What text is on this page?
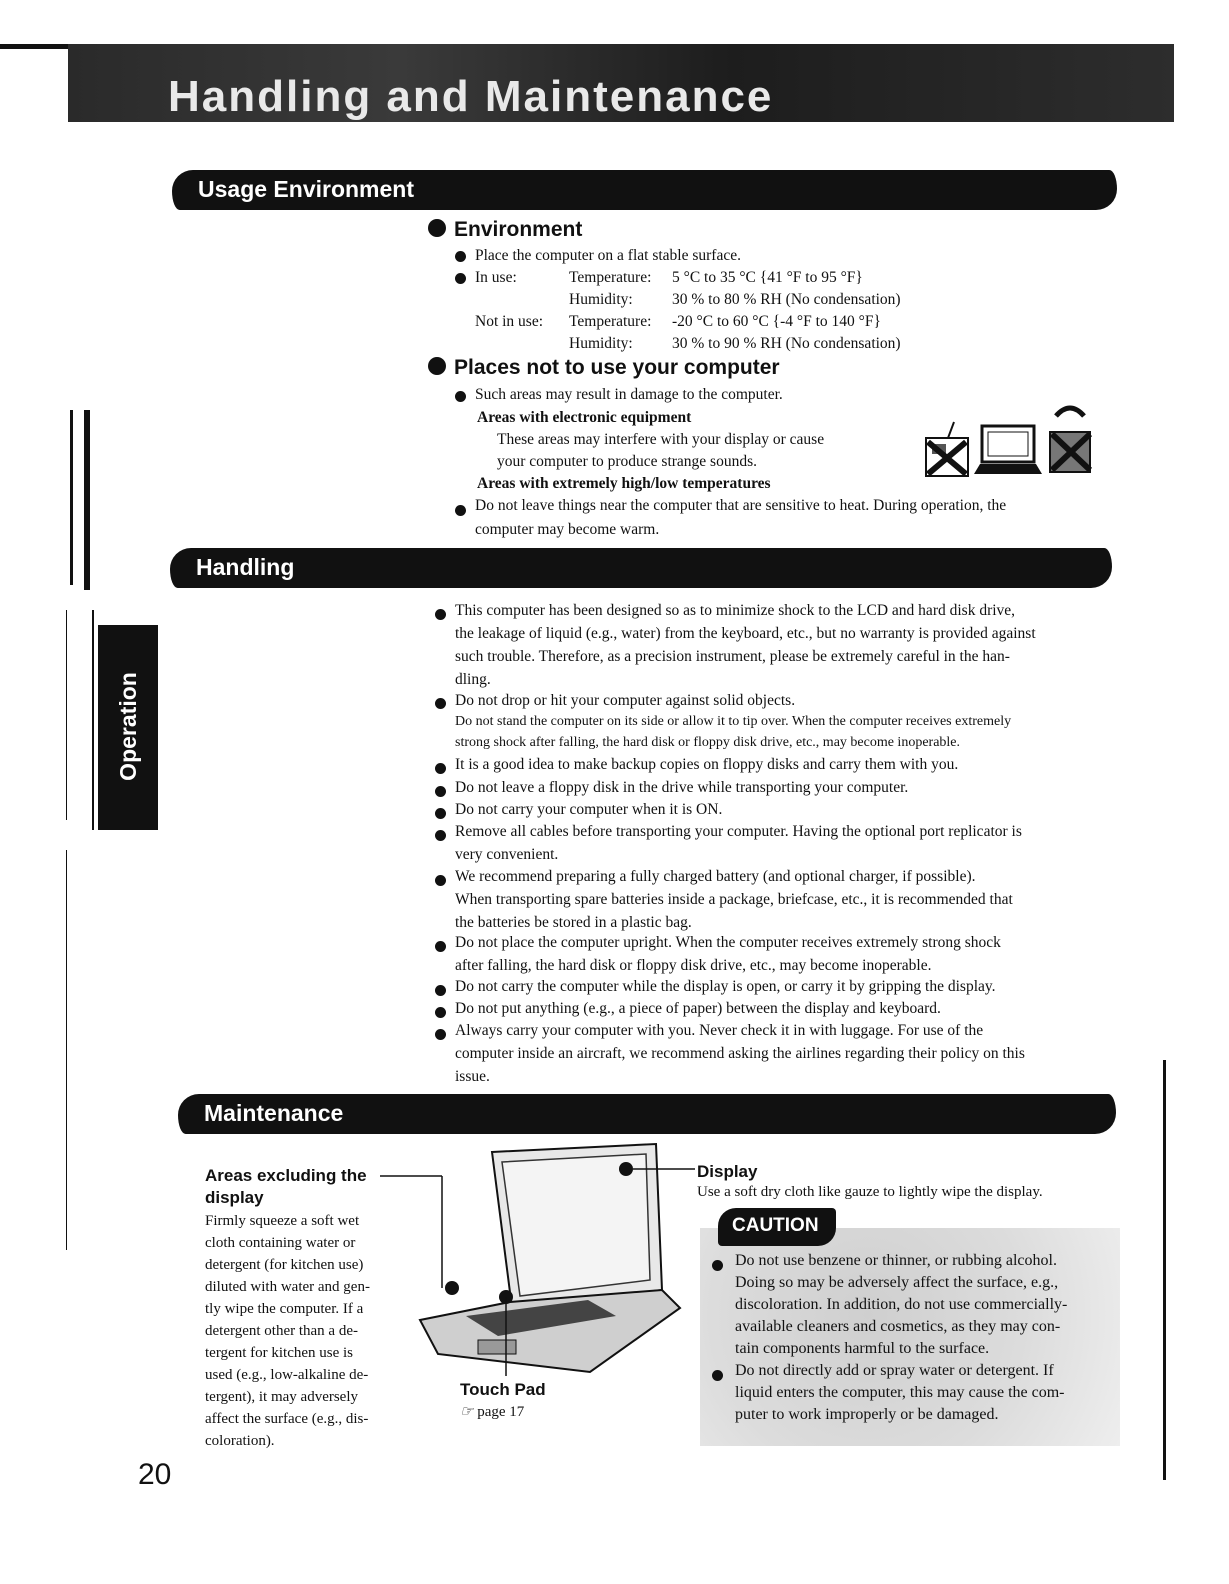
Handling and Maintenance
Operation
Usage Environment
Environment
Place the computer on a flat stable surface.
In use:	Temperature: 5 °C to 35 °C {41 °F to 95 °F}
Humidity:	30 % to 80 % RH (No condensation)
Not in use: Temperature: -20 °C to 60 °C {-4 °F to 140 °F}
Humidity:	30 % to 90 % RH (No condensation)
Places not to use your computer
Such areas may result in damage to the computer.
Areas with electronic equipment
These areas may interfere with your display or cause
your computer to produce strange sounds.
Areas with extremely high/low temperatures
Do not leave things near the computer that are sensitive to heat. During operation, the
computer may become warm.
Handling
This computer has been designed so as to minimize shock to the LCD and hard disk drive,
the leakage of liquid (e.g., water) from the keyboard, etc., but no warranty is provided against
such trouble. Therefore, as a precision instrument, please be extremely careful in the han-
dling.
Do not drop or hit your computer against solid objects.
Do not stand the computer on its side or allow it to tip over. When the computer receives extremely
strong shock after falling, the hard disk or floppy disk drive, etc., may become inoperable.
It is a good idea to make backup copies on floppy disks and carry them with you.
Do not leave a floppy disk in the drive while transporting your computer.
Do not carry your computer when it is ON.
Remove all cables before transporting your computer. Having the optional port replicator is
very convenient.
We recommend preparing a fully charged battery (and optional charger, if possible).
When transporting spare batteries inside a package, briefcase, etc., it is recommended that
the batteries be stored in a plastic bag.
Do not place the computer upright. When the computer receives extremely strong shock
after falling, the hard disk or floppy disk drive, etc., may become inoperable.
Do not carry the computer while the display is open, or carry it by gripping the display.
Do not put anything (e.g., a piece of paper) between the display and keyboard.
Always carry your computer with you. Never check it in with luggage. For use of the
computer inside an aircraft, we recommend asking the airlines regarding their policy on this
issue.
Maintenance
Areas excluding the
display
Firmly squeeze a soft wet
cloth containing water or
detergent (for kitchen use)
diluted with water and gen-
tly wipe the computer. If a
detergent other than a de-
tergent for kitchen use is
used (e.g., low-alkaline de-
tergent), it may adversely
affect the surface (e.g., dis-
coloration).
Touch Pad
☞ page 17
Display
Use a soft dry cloth like gauze to lightly wipe the display.
CAUTION
Do not use benzene or thinner, or rubbing alcohol.
Doing so may be adversely affect the surface, e.g.,
discoloration. In addition, do not use commercially-
available cleaners and cosmetics, as they may con-
tain components harmful to the surface.
Do not directly add or spray water or detergent. If
liquid enters the computer, this may cause the com-
puter to work improperly or be damaged.
20
